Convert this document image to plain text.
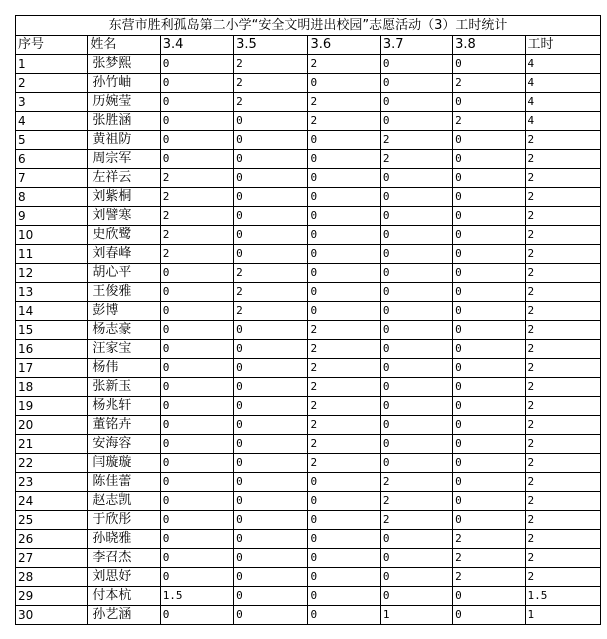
东营市胜利孤岛第二小学“安全文明进出校园”志愿活动（3）工时统计							
序号	姓名	3.4	3.5	3.6	3.7	3.8	工时
1	张梦熙	0	2	2	0	0	4
2	孙竹岫	0	2	0	0	2	4
3	历婉莹	0	2	2	0	0	4
4	张胜涵	0	0	2	0	2	4
5	黄祖防	0	0	0	2	0	2
6	周宗军	0	0	0	2	0	2
7	左祥云	2	0	0	0	0	2
8	刘紫桐	2	0	0	0	0	2
9	刘譬寒	2	0	0	0	0	2
10	史欣鹭	2	0	0	0	0	2
11	刘春峰	2	0	0	0	0	2
12	胡心平	0	2	0	0	0	2
13	王俊雅	0	2	0	0	0	2
14	彭博	0	2	0	0	0	2
15	杨志豪	0	0	2	0	0	2
16	汪家宝	0	0	2	0	0	2
17	杨伟	0	0	2	0	0	2
18	张新玉	0	0	2	0	0	2
19	杨兆轩	0	0	2	0	0	2
20	董铭卉	0	0	2	0	0	2
21	安海容	0	0	2	0	0	2
22	闫璇璇	0	0	2	0	0	2
23	陈佳蕾	0	0	0	2	0	2
24	赵志凯	0	0	0	2	0	2
25	于欣彤	0	0	0	2	0	2
26	孙晓雅	0	0	0	0	2	2
27	李召杰	0	0	0	0	2	2
28	刘思妤	0	0	0	0	2	2
29	付本杭	1.5	0	0	0	0	1.5
30	孙艺涵	0	0	0	1	0	1
